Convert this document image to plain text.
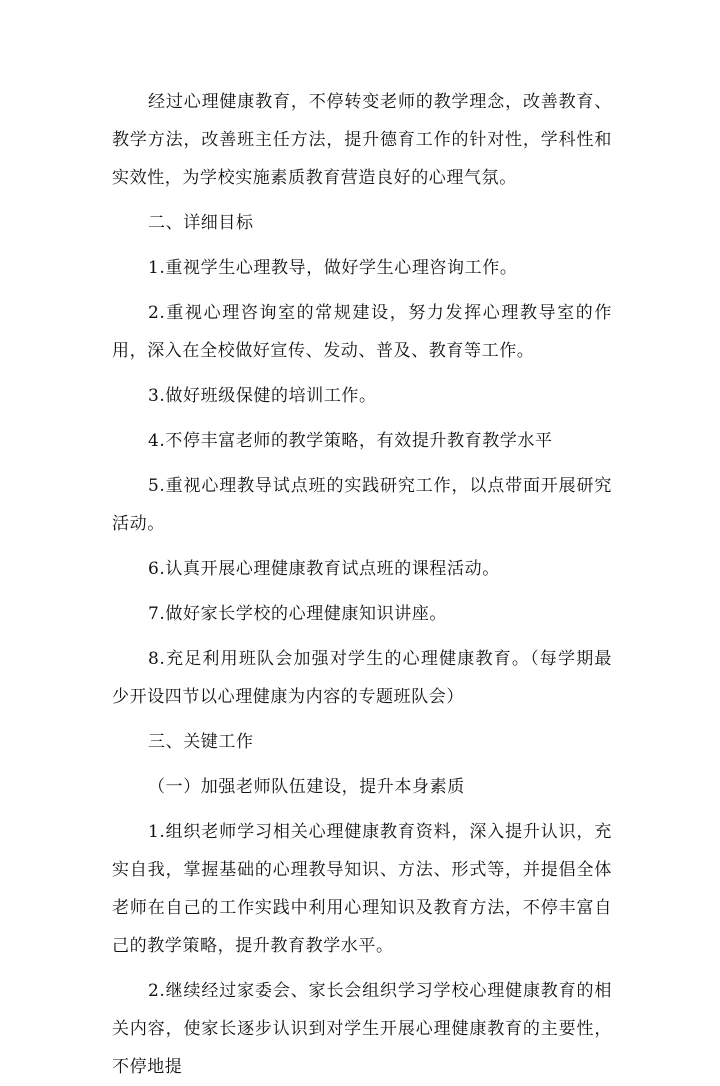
经过心理健康教育，不停转变老师的教学理念，改善教育、教学方法，改善班主任方法，提升德育工作的针对性，学科性和实效性，为学校实施素质教育营造良好的心理气氛。

二、详细目标

1.重视学生心理教导，做好学生心理咨询工作。

2.重视心理咨询室的常规建设，努力发挥心理教导室的作用，深入在全校做好宣传、发动、普及、教育等工作。

3.做好班级保健的培训工作。

4.不停丰富老师的教学策略，有效提升教育教学水平

5.重视心理教导试点班的实践研究工作，以点带面开展研究活动。

6.认真开展心理健康教育试点班的课程活动。

7.做好家长学校的心理健康知识讲座。

8.充足利用班队会加强对学生的心理健康教育。（每学期最少开设四节以心理健康为内容的专题班队会）

三、关键工作

（一）加强老师队伍建设，提升本身素质

1.组织老师学习相关心理健康教育资料，深入提升认识，充实自我，掌握基础的心理教导知识、方法、形式等，并提倡全体老师在自己的工作实践中利用心理知识及教育方法，不停丰富自己的教学策略，提升教育教学水平。

2.继续经过家委会、家长会组织学习学校心理健康教育的相关内容，使家长逐步认识到对学生开展心理健康教育的主要性，不停地提
